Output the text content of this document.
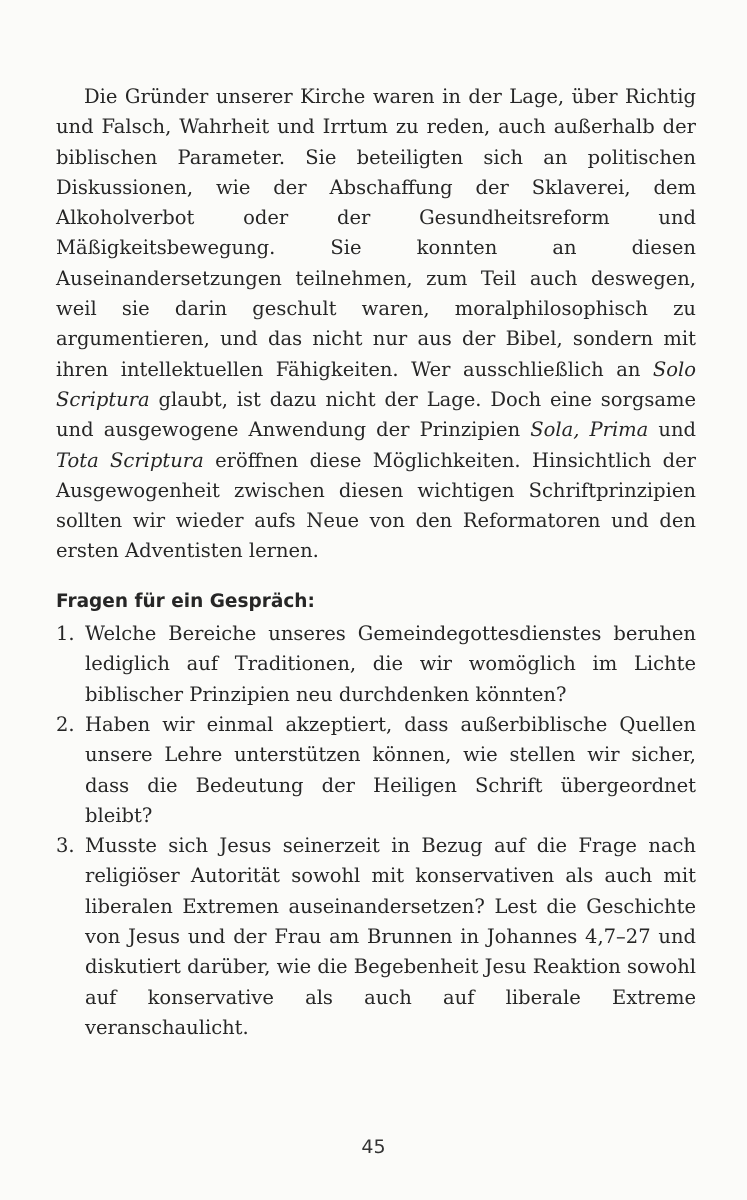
Die Gründer unserer Kirche waren in der Lage, über Richtig und Falsch, Wahrheit und Irrtum zu reden, auch außerhalb der biblischen Parameter. Sie beteiligten sich an politischen Diskussionen, wie der Abschaffung der Sklaverei, dem Alkoholverbot oder der Gesundheitsreform und Mäßigkeitsbewegung. Sie konnten an diesen Auseinandersetzungen teilnehmen, zum Teil auch deswegen, weil sie darin geschult waren, moralphilosophisch zu argumentieren, und das nicht nur aus der Bibel, sondern mit ihren intellektuellen Fähigkeiten. Wer ausschließlich an Solo Scriptura glaubt, ist dazu nicht der Lage. Doch eine sorgsame und ausgewogene Anwendung der Prinzipien Sola, Prima und Tota Scriptura eröffnen diese Möglichkeiten. Hinsichtlich der Ausgewogenheit zwischen diesen wichtigen Schriftprinzipien sollten wir wieder aufs Neue von den Reformatoren und den ersten Adventisten lernen.

Fragen für ein Gespräch:
1. Welche Bereiche unseres Gemeindegottesdienstes beruhen lediglich auf Traditionen, die wir womöglich im Lichte biblischer Prinzipien neu durchdenken könnten?
2. Haben wir einmal akzeptiert, dass außerbiblische Quellen unsere Lehre unterstützen können, wie stellen wir sicher, dass die Bedeutung der Heiligen Schrift übergeordnet bleibt?
3. Musste sich Jesus seinerzeit in Bezug auf die Frage nach religiöser Autorität sowohl mit konservativen als auch mit liberalen Extremen auseinandersetzen? Lest die Geschichte von Jesus und der Frau am Brunnen in Johannes 4,7–27 und diskutiert darüber, wie die Begebenheit Jesu Reaktion sowohl auf konservative als auch auf liberale Extreme veranschaulicht.
45
